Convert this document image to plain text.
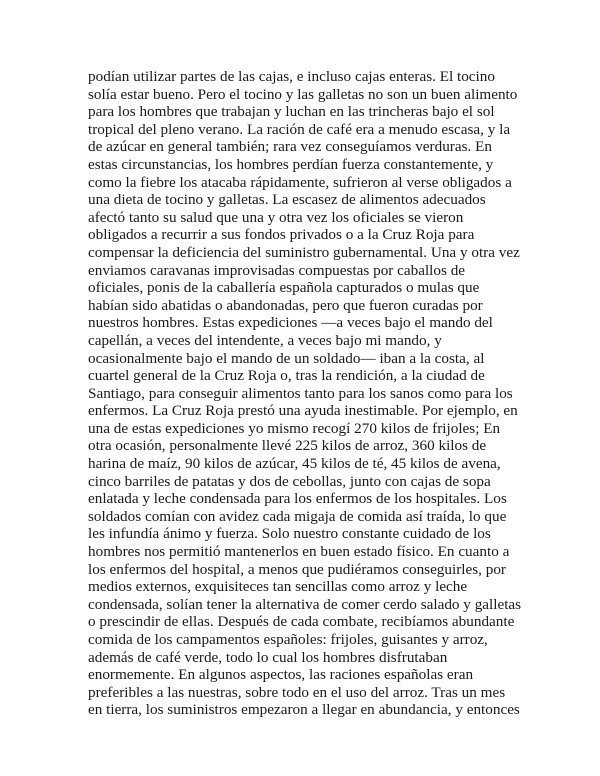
podían utilizar partes de las cajas, e incluso cajas enteras. El tocino
solía estar bueno. Pero el tocino y las galletas no son un buen alimento
para los hombres que trabajan y luchan en las trincheras bajo el sol
tropical del pleno verano. La ración de café era a menudo escasa, y la
de azúcar en general también; rara vez conseguíamos verduras. En
estas circunstancias, los hombres perdían fuerza constantemente, y
como la fiebre los atacaba rápidamente, sufrieron al verse obligados a
una dieta de tocino y galletas. La escasez de alimentos adecuados
afectó tanto su salud que una y otra vez los oficiales se vieron
obligados a recurrir a sus fondos privados o a la Cruz Roja para
compensar la deficiencia del suministro gubernamental. Una y otra vez
enviamos caravanas improvisadas compuestas por caballos de
oficiales, ponis de la caballería española capturados o mulas que
habían sido abatidas o abandonadas, pero que fueron curadas por
nuestros hombres. Estas expediciones —a veces bajo el mando del
capellán, a veces del intendente, a veces bajo mi mando, y
ocasionalmente bajo el mando de un soldado— iban a la costa, al
cuartel general de la Cruz Roja o, tras la rendición, a la ciudad de
Santiago, para conseguir alimentos tanto para los sanos como para los
enfermos. La Cruz Roja prestó una ayuda inestimable. Por ejemplo, en
una de estas expediciones yo mismo recogí 270 kilos de frijoles; En
otra ocasión, personalmente llevé 225 kilos de arroz, 360 kilos de
harina de maíz, 90 kilos de azúcar, 45 kilos de té, 45 kilos de avena,
cinco barriles de patatas y dos de cebollas, junto con cajas de sopa
enlatada y leche condensada para los enfermos de los hospitales. Los
soldados comían con avidez cada migaja de comida así traída, lo que
les infundía ánimo y fuerza. Solo nuestro constante cuidado de los
hombres nos permitió mantenerlos en buen estado físico. En cuanto a
los enfermos del hospital, a menos que pudiéramos conseguirles, por
medios externos, exquisiteces tan sencillas como arroz y leche
condensada, solían tener la alternativa de comer cerdo salado y galletas
o prescindir de ellas. Después de cada combate, recibíamos abundante
comida de los campamentos españoles: frijoles, guisantes y arroz,
además de café verde, todo lo cual los hombres disfrutaban
enormemente. En algunos aspectos, las raciones españolas eran
preferibles a las nuestras, sobre todo en el uso del arroz. Tras un mes
en tierra, los suministros empezaron a llegar en abundancia, y entonces
